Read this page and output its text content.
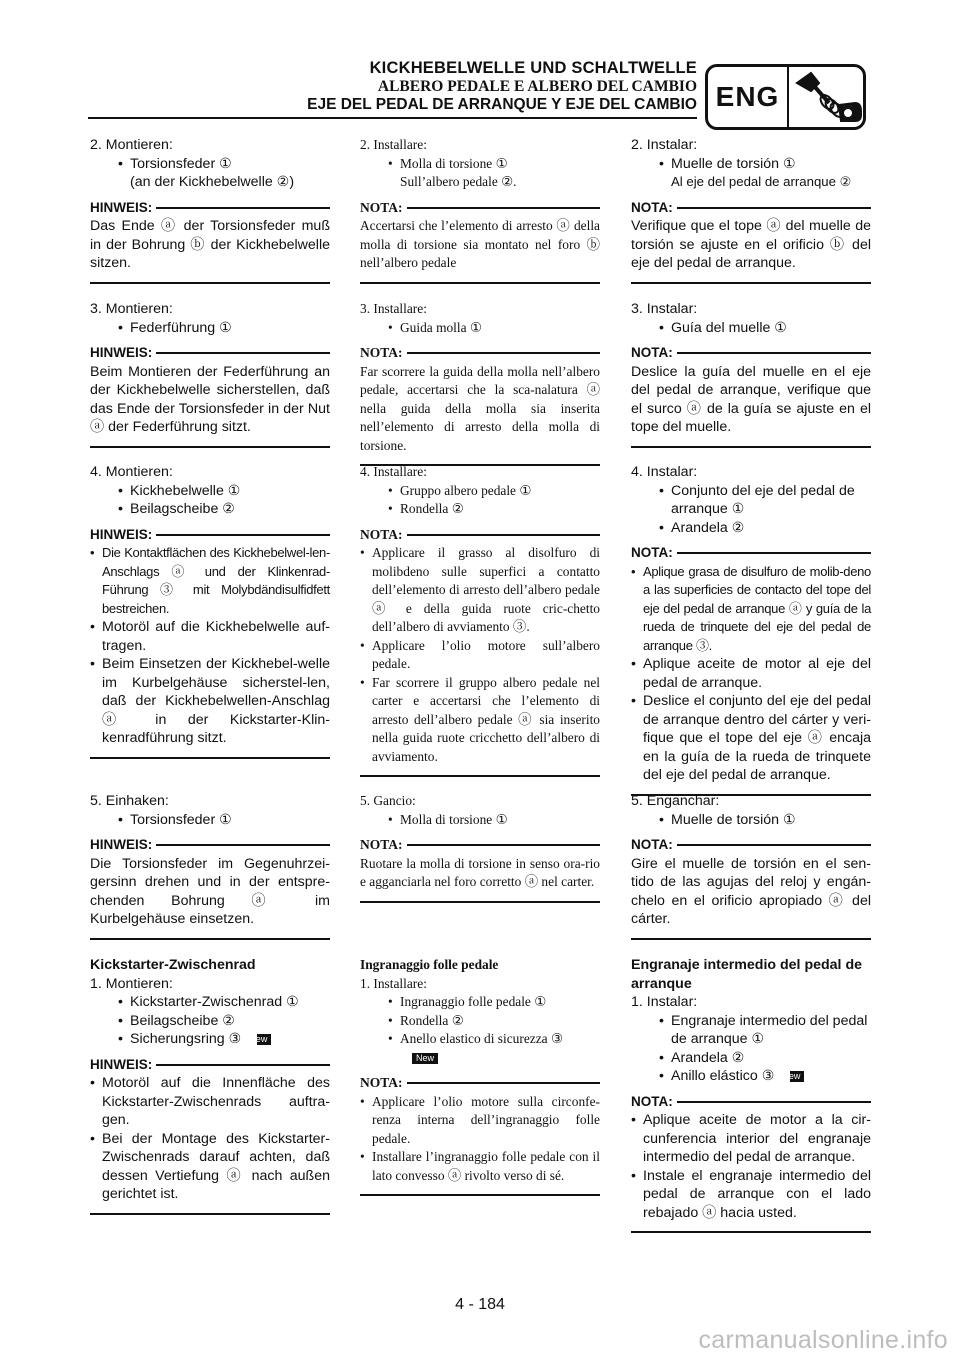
KICKHEBELWELLE UND SCHALTWELLE
ALBERO PEDALE E ALBERO DEL CAMBIO
EJE DEL PEDAL DE ARRANQUE Y EJE DEL CAMBIO ENG
2. Montieren:
• Torsionsfeder ①
(an der Kickhebelwelle ②)
HINWEIS:
Das Ende ⓐ der Torsionsfeder muß in der Bohrung ⓑ der Kickhebelwelle sitzen.
3. Montieren:
• Federführung ①
HINWEIS:
Beim Montieren der Federführung an der Kickhebelwelle sicherstellen, daß das Ende der Torsionsfeder in der Nut ⓐ der Federführung sitzt.
4. Montieren:
• Kickhebelwelle ①
• Beilagscheibe ②
HINWEIS:
• Die Kontaktflächen des Kickhebelwel-len-Anschlags ⓐ und der Klinkenrad-Führung ③ mit Molybdändisulfidfett bestreichen.
• Motoröl auf die Kickhebelwelle auf-tragen.
• Beim Einsetzen der Kickhebel-welle im Kurbelgehäuse sicherstel-len, daß der Kickhebelwellen-Anschlag ⓐ in der Kickstarter-Klin-kenradführung sitzt.
5. Einhaken:
• Torsionsfeder ①
HINWEIS:
Die Torsionsfeder im Gegenuhrzei-gersinn drehen und in der entspre-chenden Bohrung ⓐ im Kurbelgehäuse einsetzen.
Kickstarter-Zwischenrad
1. Montieren:
• Kickstarter-Zwischenrad ①
• Beilagscheibe ②
• Sicherungsring ③ New
HINWEIS:
• Motoröl auf die Innenfläche des Kickstarter-Zwischenrads auftra-gen.
• Bei der Montage des Kickstarter-Zwischenrads darauf achten, daß dessen Vertiefung ⓐ nach außen gerichtet ist.
2. Installare:
• Molla di torsione ①
Sull’albero pedale ②.
NOTA:
Accertarsi che l’elemento di arresto ⓐ della molla di torsione sia montato nel foro ⓑ nell’albero pedale
3. Installare:
• Guida molla ①
NOTA:
Far scorrere la guida della molla nell’albero pedale, accertarsi che la sca-nalatura ⓐ nella guida della molla sia inserita nell’elemento di arresto della molla di torsione.
4. Installare:
• Gruppo albero pedale ①
• Rondella ②
NOTA:
• Applicare il grasso al disolfuro di molibdeno sulle superfici a contatto dell’elemento di arresto dell’albero pedale ⓐ e della guida ruote cric-chetto dell’albero di avviamento ③.
• Applicare l’olio motore sull’albero pedale.
• Far scorrere il gruppo albero pedale nel carter e accertarsi che l’elemento di arresto dell’albero pedale ⓐ sia inserito nella guida ruote cricchetto dell’albero di avviamento.
5. Gancio:
• Molla di torsione ①
NOTA:
Ruotare la molla di torsione in senso ora-rio e agganciarla nel foro corretto ⓐ nel carter.
Ingranaggio folle pedale
1. Installare:
• Ingranaggio folle pedale ①
• Rondella ②
• Anello elastico di sicurezza ③
New
NOTA:
• Applicare l’olio motore sulla circonfe-renza interna dell’ingranaggio folle pedale.
• Installare l’ingranaggio folle pedale con il lato convesso ⓐ rivolto verso di sé.
2. Instalar:
• Muelle de torsión ①
Al eje del pedal de arranque ②
NOTA:
Verifique que el tope ⓐ del muelle de torsión se ajuste en el orificio ⓑ del eje del pedal de arranque.
3. Instalar:
• Guía del muelle ①
NOTA:
Deslice la guía del muelle en el eje del pedal de arranque, verifique que el surco ⓐ de la guía se ajuste en el tope del muelle.
4. Instalar:
• Conjunto del eje del pedal de arranque ①
• Arandela ②
NOTA:
• Aplique grasa de disulfuro de molib-deno a las superficies de contacto del tope del eje del pedal de arranque ⓐ y guía de la rueda de trinquete del eje del pedal de arranque ③.
• Aplique aceite de motor al eje del pedal de arranque.
• Deslice el conjunto del eje del pedal de arranque dentro del cárter y veri-fique que el tope del eje ⓐ encaja en la guía de la rueda de trinquete del eje del pedal de arranque.
5. Enganchar:
• Muelle de torsión ①
NOTA:
Gire el muelle de torsión en el sen-tido de las agujas del reloj y engán-chelo en el orificio apropiado ⓐ del cárter.
Engranaje intermedio del pedal de arranque
1. Instalar:
• Engranaje intermedio del pedal de arranque ①
• Arandela ②
• Anillo elástico ③ New
NOTA:
• Aplique aceite de motor a la cir-cunferencia interior del engranaje intermedio del pedal de arranque.
• Instale el engranaje intermedio del pedal de arranque con el lado rebajado ⓐ hacia usted.
4 - 184
carmanualsonline.info
